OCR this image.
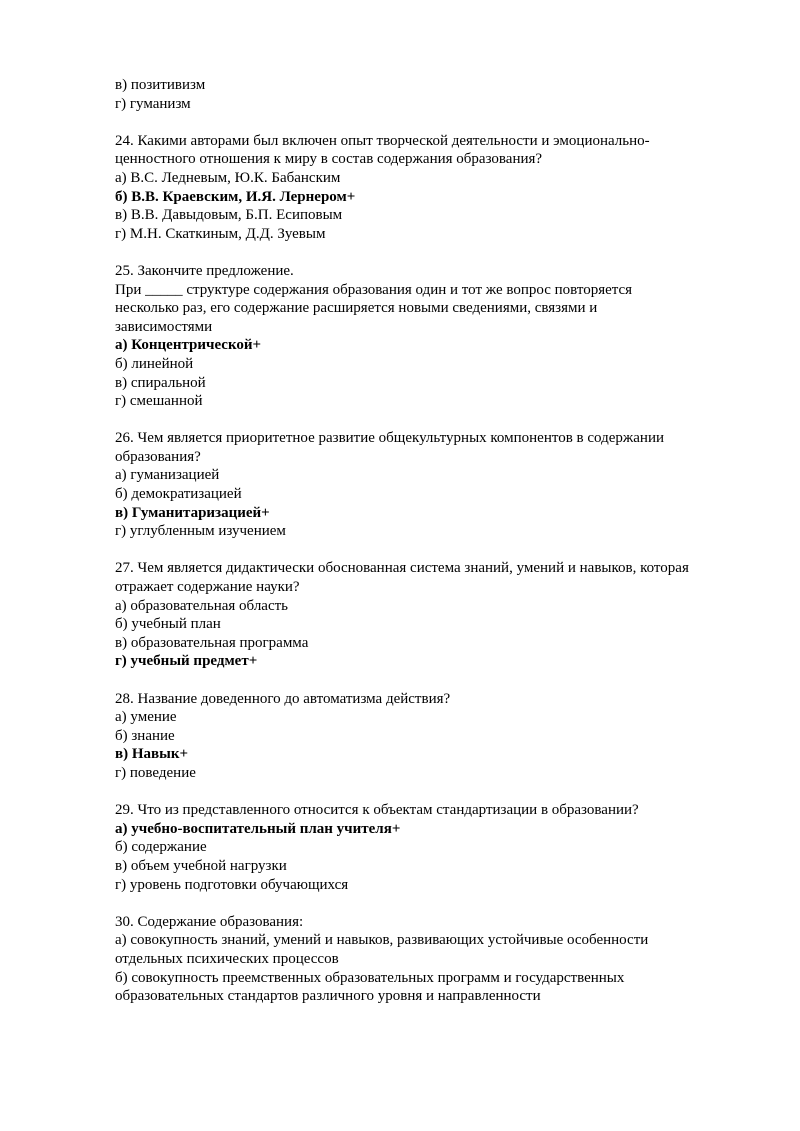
в) позитивизм
г) гуманизм
24. Какими авторами был включен опыт творческой деятельности и эмоционально-
ценностного отношения к миру в состав содержания образования?
а) В.С. Ледневым, Ю.К. Бабанским
б) В.В. Краевским, И.Я. Лернером+
в) В.В. Давыдовым, Б.П. Есиповым
г) М.Н. Скаткиным, Д.Д. Зуевым
25. Закончите предложение.
При _____ структуре содержания образования один и тот же вопрос повторяется
несколько раз, его содержание расширяется новыми сведениями, связями и
зависимостями
а) Концентрической+
б) линейной
в) спиральной
г) смешанной
26. Чем является приоритетное развитие общекультурных компонентов в содержании
образования?
а) гуманизацией
б) демократизацией
в) Гуманитаризацией+
г) углубленным изучением
27. Чем является дидактически обоснованная система знаний, умений и навыков, которая
отражает содержание науки?
а) образовательная область
б) учебный план
в) образовательная программа
г) учебный предмет+
28. Название доведенного до автоматизма действия?
а) умение
б) знание
в) Навык+
г) поведение
29. Что из представленного относится к объектам стандартизации в образовании?
а) учебно-воспитательный план учителя+
б) содержание
в) объем учебной нагрузки
г) уровень подготовки обучающихся
30. Содержание образования:
а) совокупность знаний, умений и навыков, развивающих устойчивые особенности
отдельных психических процессов
б) совокупность преемственных образовательных программ и государственных
образовательных стандартов различного уровня и направленности
